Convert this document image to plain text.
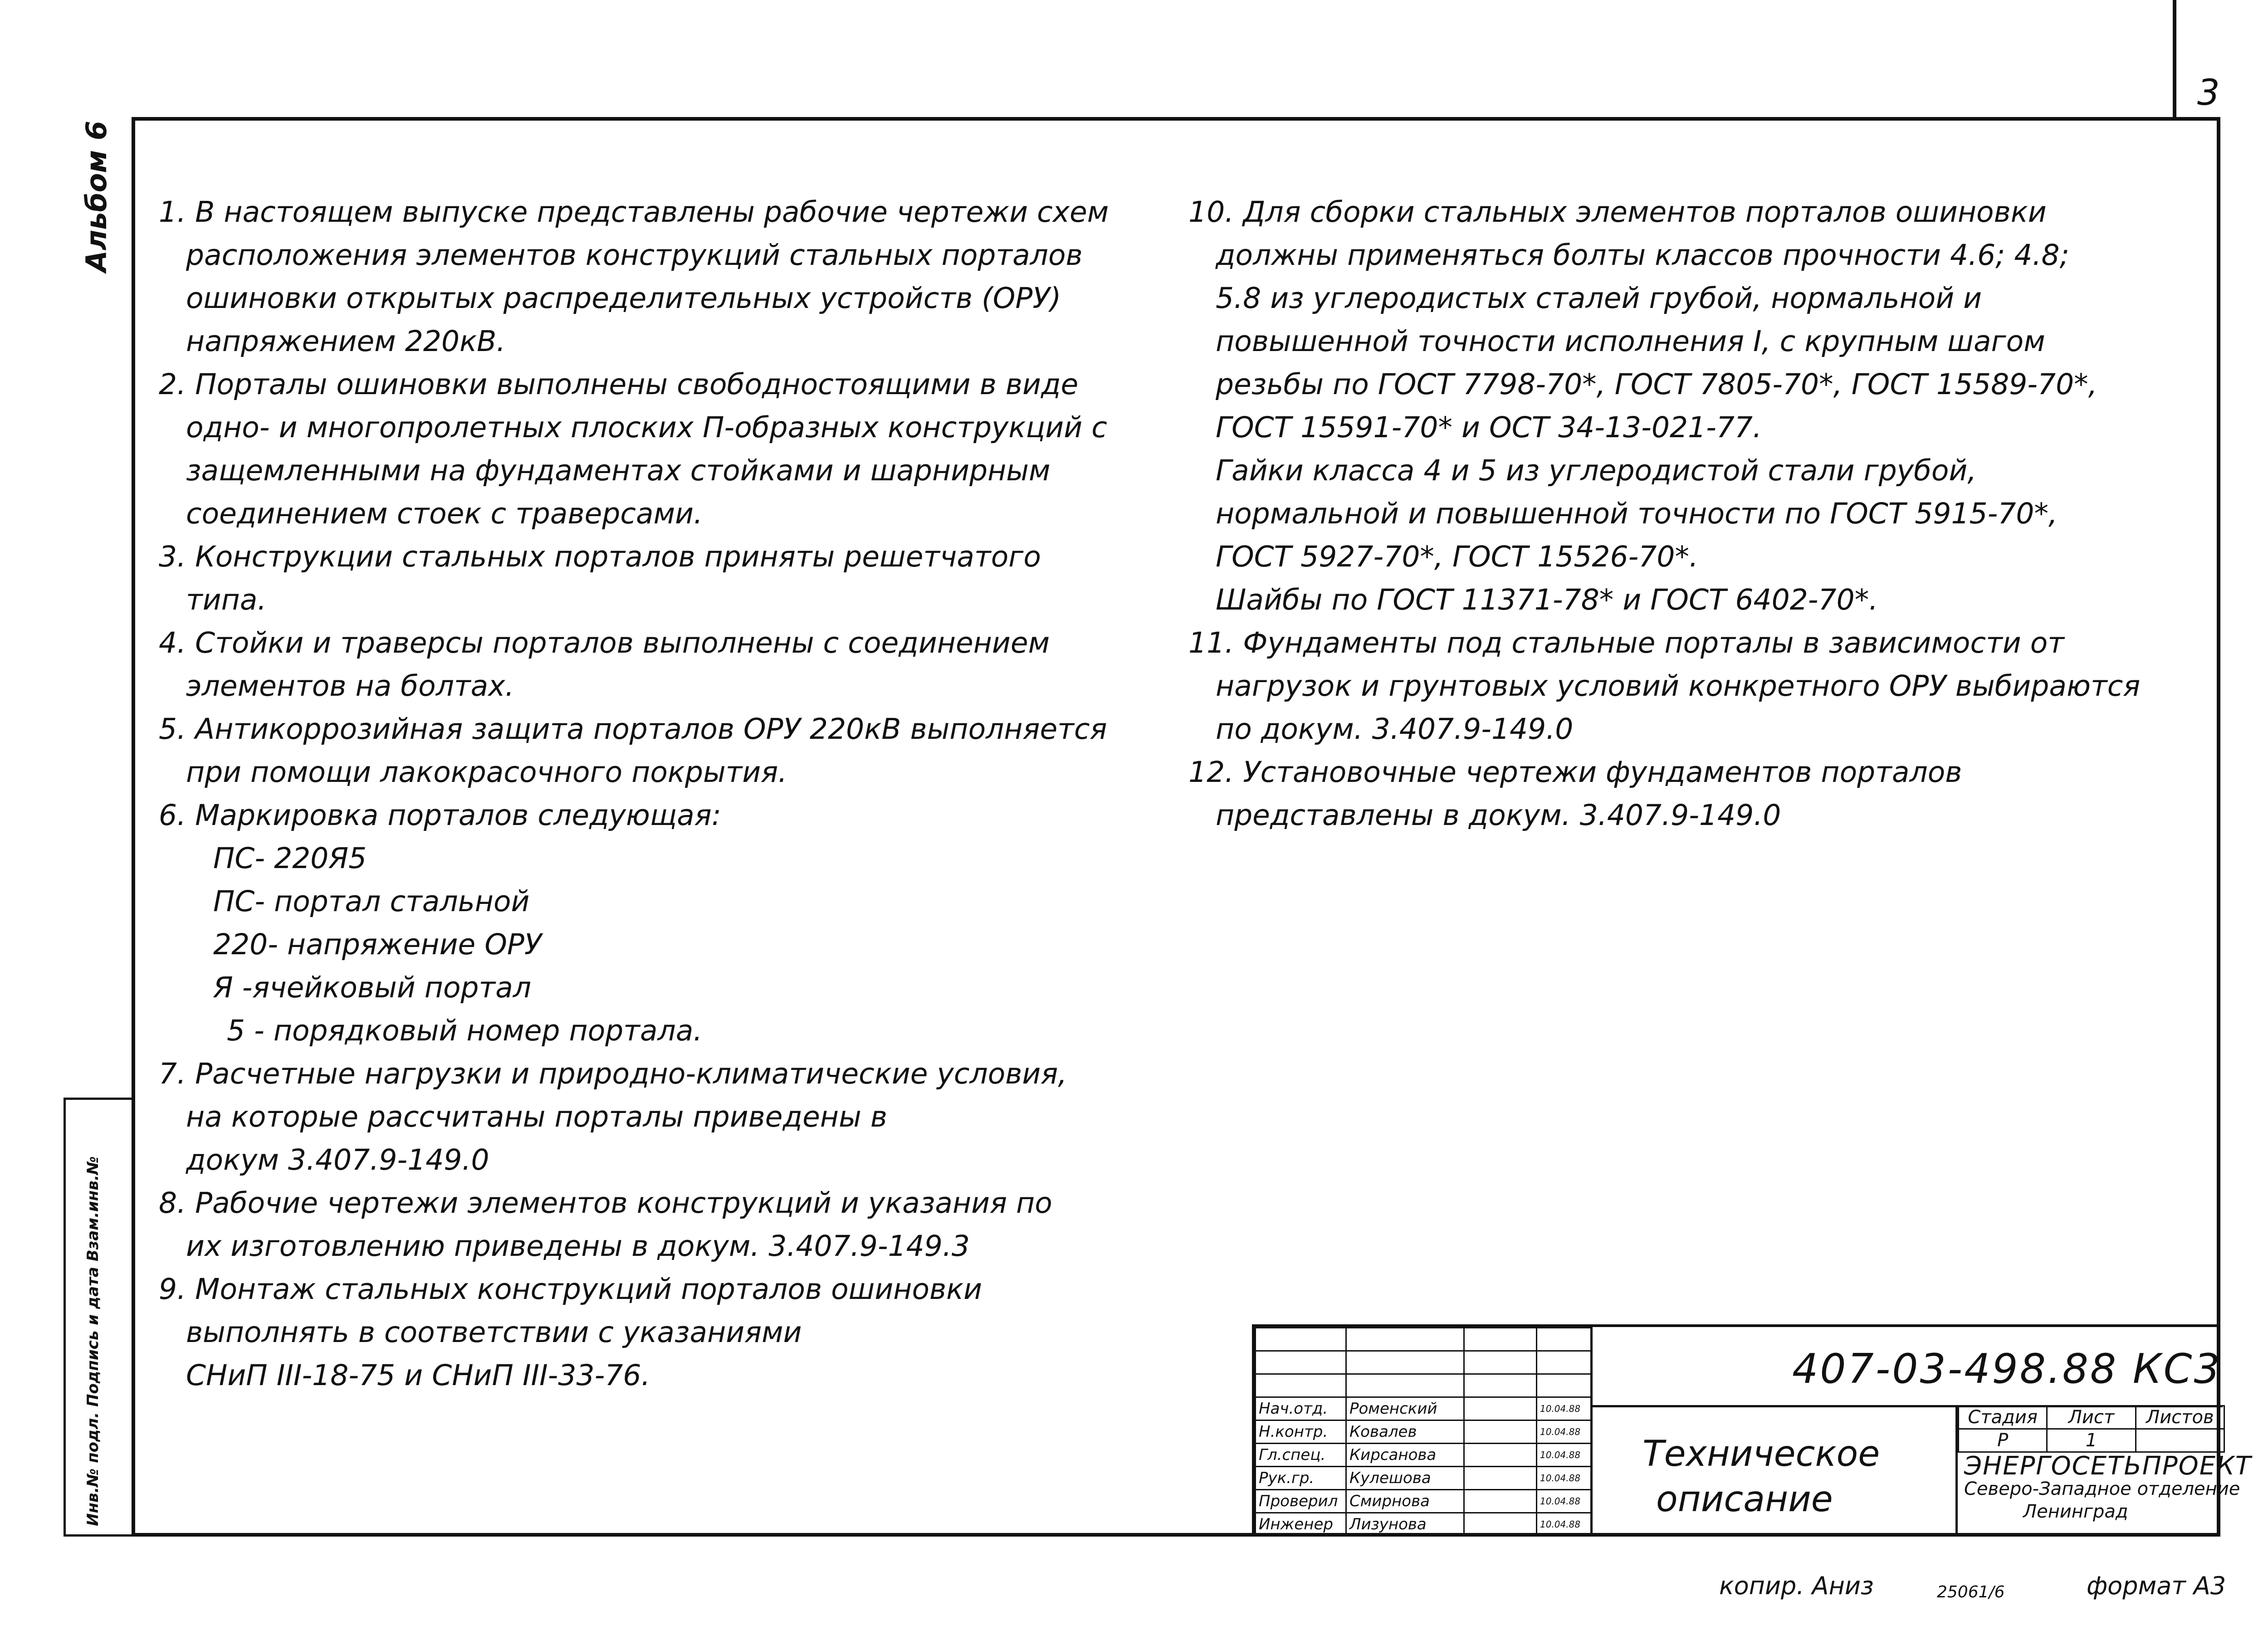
3
Альбом 6
Инв.№ подл. Подпись и дата Взам.инв.№

1. В настоящем выпуске представлены рабочие чертежи схем

расположения элементов конструкций стальных порталов

ошиновки открытых распределительных устройств (ОРУ)

напряжением 220кВ.

2. Порталы ошиновки выполнены свободностоящими в виде

одно- и многопролетных плоских П-образных конструкций с

защемленными на фундаментах стойками и шарнирным

соединением стоек с траверсами.

3. Конструкции стальных порталов приняты решетчатого

типа.

4. Стойки и траверсы порталов выполнены с соединением

элементов на болтах.

5. Антикоррозийная защита порталов ОРУ 220кВ выполняется

при помощи лакокрасочного покрытия.

6. Маркировка порталов следующая:

ПС- 220Я5

ПС- портал стальной

220- напряжение ОРУ

Я -ячейковый портал

5 - порядковый номер портала.

7. Расчетные нагрузки и природно-климатические условия,

на которые рассчитаны порталы приведены в

докум 3.407.9-149.0

8. Рабочие чертежи элементов конструкций и указания по

их изготовлению приведены в докум. 3.407.9-149.3

9. Монтаж стальных конструкций порталов ошиновки

выполнять в соответствии с указаниями

СНиП III-18-75 и СНиП III-33-76.

10. Для сборки стальных элементов порталов ошиновки

должны применяться болты классов прочности 4.6; 4.8;

5.8 из углеродистых сталей грубой, нормальной и

повышенной точности исполнения I, с крупным шагом

резьбы по ГОСТ 7798-70*, ГОСТ 7805-70*, ГОСТ 15589-70*,

ГОСТ 15591-70* и ОСТ 34-13-021-77.

Гайки класса 4 и 5 из углеродистой стали грубой,

нормальной и повышенной точности по ГОСТ 5915-70*,

ГОСТ 5927-70*, ГОСТ 15526-70*.

Шайбы по ГОСТ 11371-78* и ГОСТ 6402-70*.

11. Фундаменты под стальные порталы в зависимости от

нагрузок и грунтовых условий конкретного ОРУ выбираются

по докум. 3.407.9-149.0

12. Установочные чертежи фундаментов порталов

представлены в докум. 3.407.9-149.0

Нач.отд.	Роменский		10.04.88
Н.контр.	Ковалев		10.04.88
Гл.спец.	Кирсанова		10.04.88
Рук.гр.	Кулешова		10.04.88
Проверил	Смирнова		10.04.88
Инженер	Лизунова		10.04.88
407-03-498.88 КС3
Техническое
описание
Стадия	Лист	Листов
Р	1	
ЭНЕРГОСЕТЬПРОЕКТ
Северо-Западное отделение
Ленинград
копир. Аниз	25061/6	формат А3
